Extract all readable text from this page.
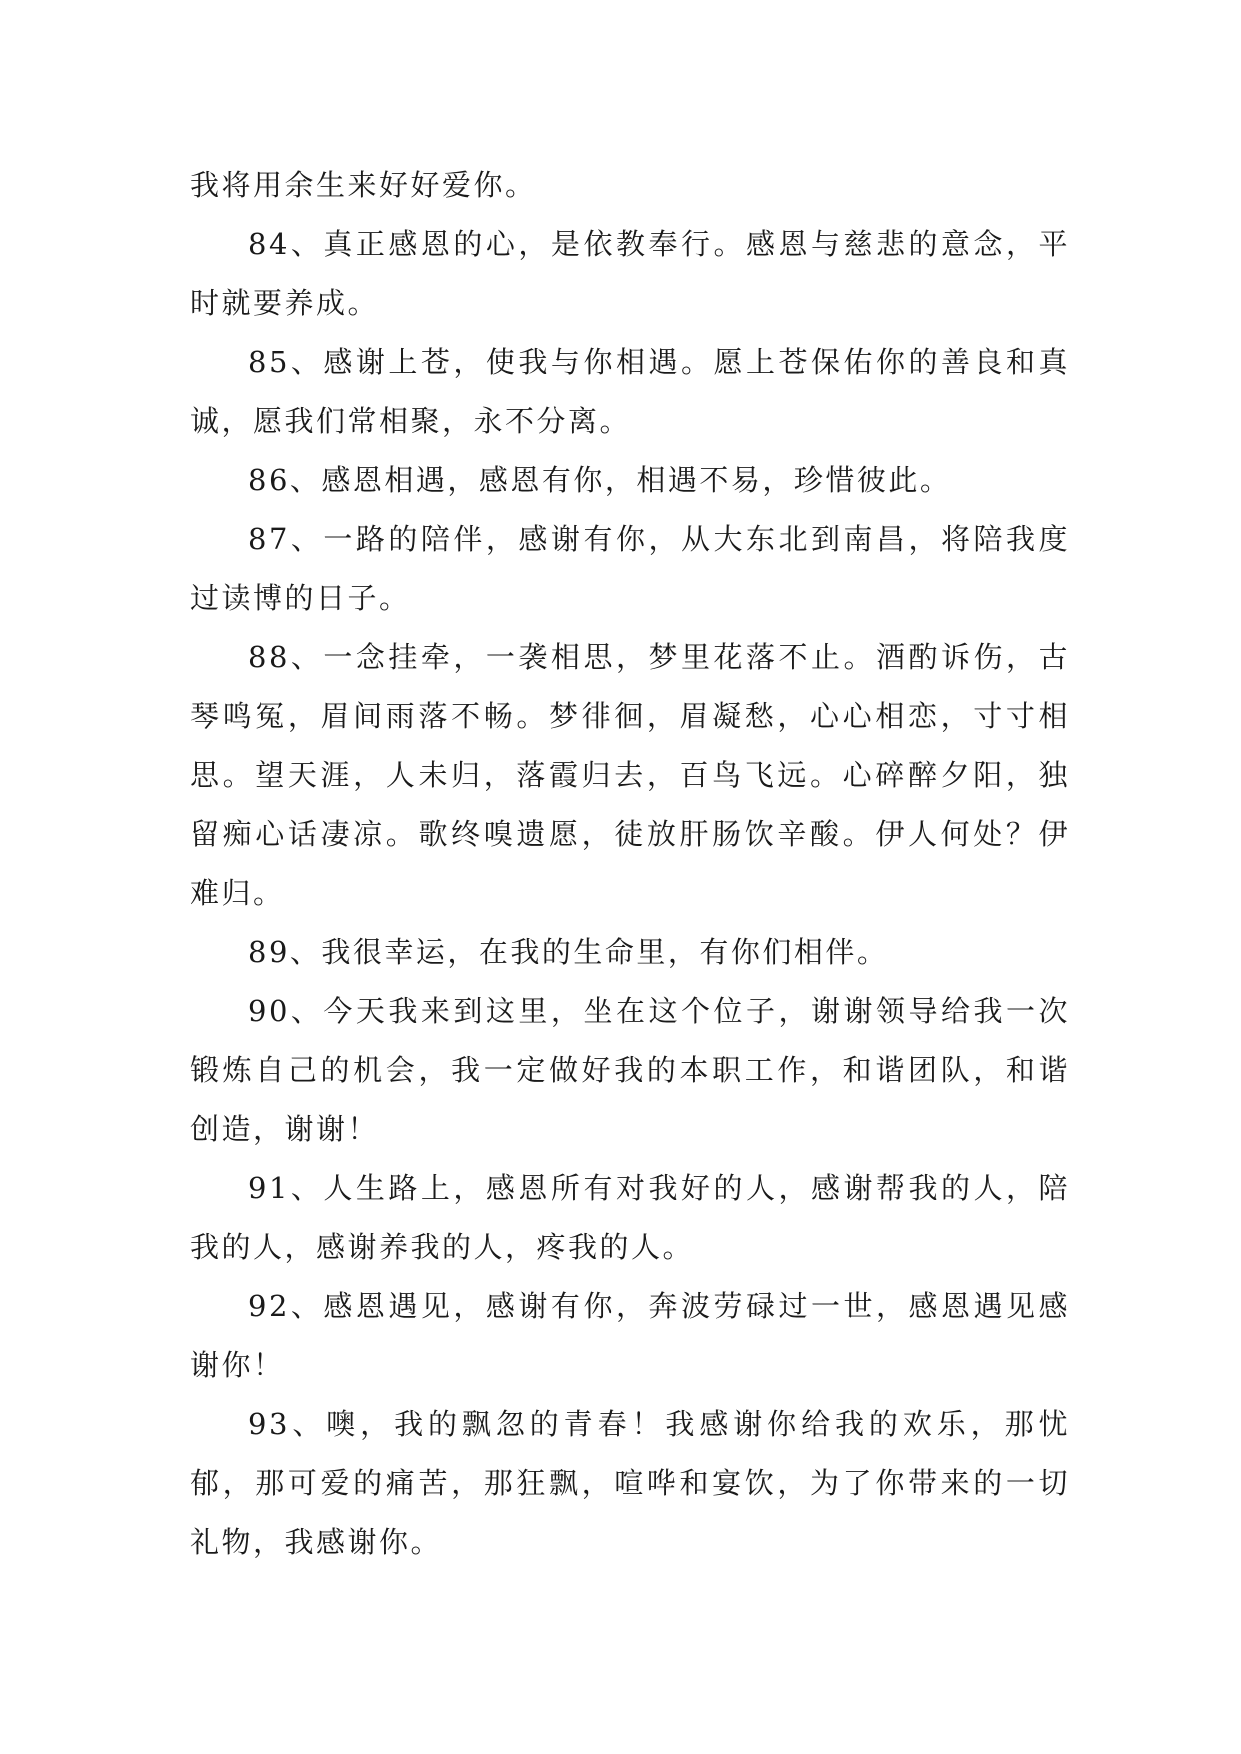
我将用余生来好好爱你。

84、真正感恩的心，是依教奉行。感恩与慈悲的意念，平时就要养成。

85、感谢上苍，使我与你相遇。愿上苍保佑你的善良和真诚，愿我们常相聚，永不分离。

86、感恩相遇，感恩有你，相遇不易，珍惜彼此。

87、一路的陪伴，感谢有你，从大东北到南昌，将陪我度过读博的日子。

88、一念挂牵，一袭相思，梦里花落不止。酒酌诉伤，古琴鸣冤，眉间雨落不畅。梦徘徊，眉凝愁，心心相恋，寸寸相思。望天涯，人未归，落霞归去，百鸟飞远。心碎醉夕阳，独留痴心话凄凉。歌终嗅遗愿，徒放肝肠饮辛酸。伊人何处？伊难归。

89、我很幸运，在我的生命里，有你们相伴。

90、今天我来到这里，坐在这个位子，谢谢领导给我一次锻炼自己的机会，我一定做好我的本职工作，和谐团队，和谐创造，谢谢！

91、人生路上，感恩所有对我好的人，感谢帮我的人，陪我的人，感谢养我的人，疼我的人。

92、感恩遇见，感谢有你，奔波劳碌过一世，感恩遇见感谢你！

93、噢，我的飘忽的青春！我感谢你给我的欢乐，那忧郁，那可爱的痛苦，那狂飘，喧哗和宴饮，为了你带来的一切礼物，我感谢你。
